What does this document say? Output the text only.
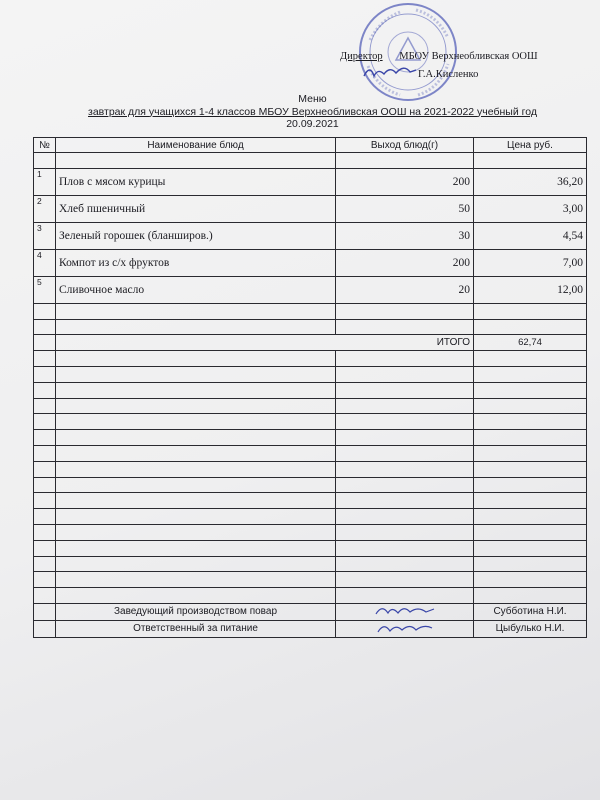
Директор МБОУ Верхнеобливская ООШ
Г.А.Кисленко
Меню
завтрак для учащихся 1-4 классов МБОУ Верхнеобливская ООШ на 2021-2022 учебный год
20.09.2021
№	Наименование блюд	Выход блюд(г)	Цена руб.

1	Плов с мясом курицы	200	36,20
2	Хлеб пшеничный	50	3,00
3	Зеленый горошек (бланширов.)	30	4,54
4	Компот из с/х фруктов	200	7,00
5	Сливочное масло	20	12,00

	ИТОГО		62,74

	Заведующий производством повар		Субботина Н.И.
	Ответственный за питание		Цыбулько Н.И.
